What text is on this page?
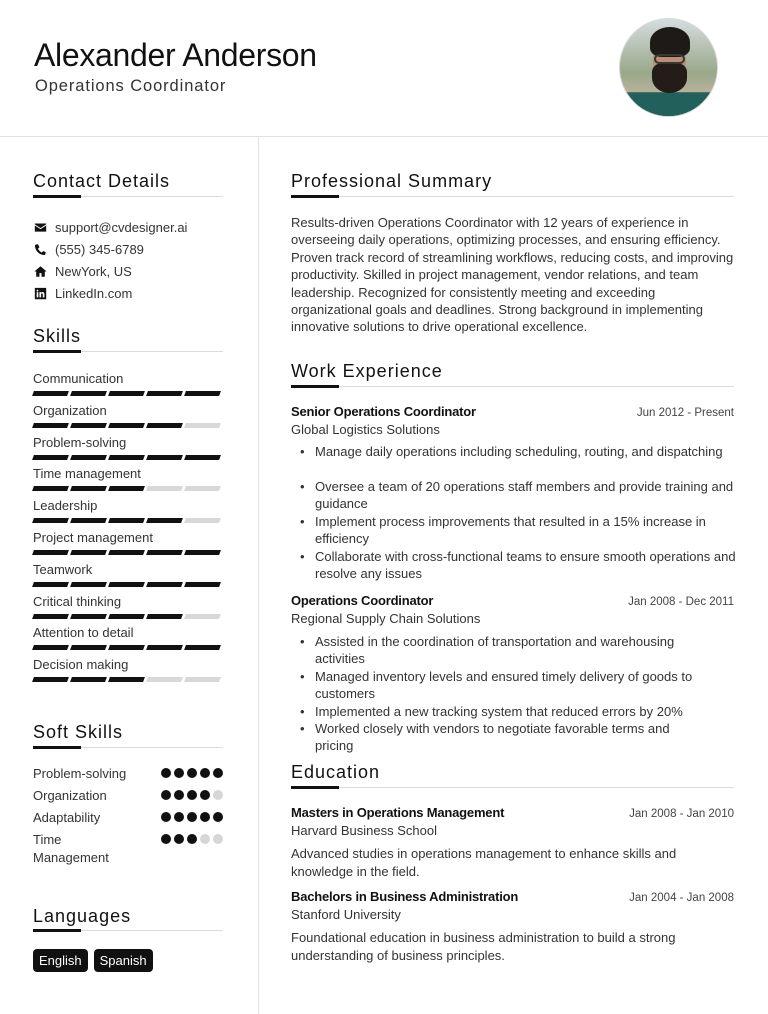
Alexander Anderson
Operations Coordinator
Contact Details
support@cvdesigner.ai
(555) 345-6789
NewYork, US
LinkedIn.com
Skills
Communication
Organization
Problem-solving
Time management
Leadership
Project management
Teamwork
Critical thinking
Attention to detail
Decision making
Soft Skills
Problem-solving
Organization
Adaptability
Time Management
Languages
English	Spanish
Professional Summary
Results-driven Operations Coordinator with 12 years of experience in overseeing daily operations, optimizing processes, and ensuring efficiency. Proven track record of streamlining workflows, reducing costs, and improving productivity. Skilled in project management, vendor relations, and team leadership. Recognized for consistently meeting and exceeding organizational goals and deadlines. Strong background in implementing innovative solutions to drive operational excellence.
Work Experience
Senior Operations Coordinator	Jun 2012 - Present
Global Logistics Solutions
• Manage daily operations including scheduling, routing, and dispatching
• Oversee a team of 20 operations staff members and provide training and guidance
• Implement process improvements that resulted in a 15% increase in efficiency
• Collaborate with cross-functional teams to ensure smooth operations and resolve any issues
Operations Coordinator	Jan 2008 - Dec 2011
Regional Supply Chain Solutions
• Assisted in the coordination of transportation and warehousing activities
• Managed inventory levels and ensured timely delivery of goods to customers
• Implemented a new tracking system that reduced errors by 20%
• Worked closely with vendors to negotiate favorable terms and pricing
Education
Masters in Operations Management	Jan 2008 - Jan 2010
Harvard Business School
Advanced studies in operations management to enhance skills and knowledge in the field.
Bachelors in Business Administration	Jan 2004 - Jan 2008
Stanford University
Foundational education in business administration to build a strong understanding of business principles.
